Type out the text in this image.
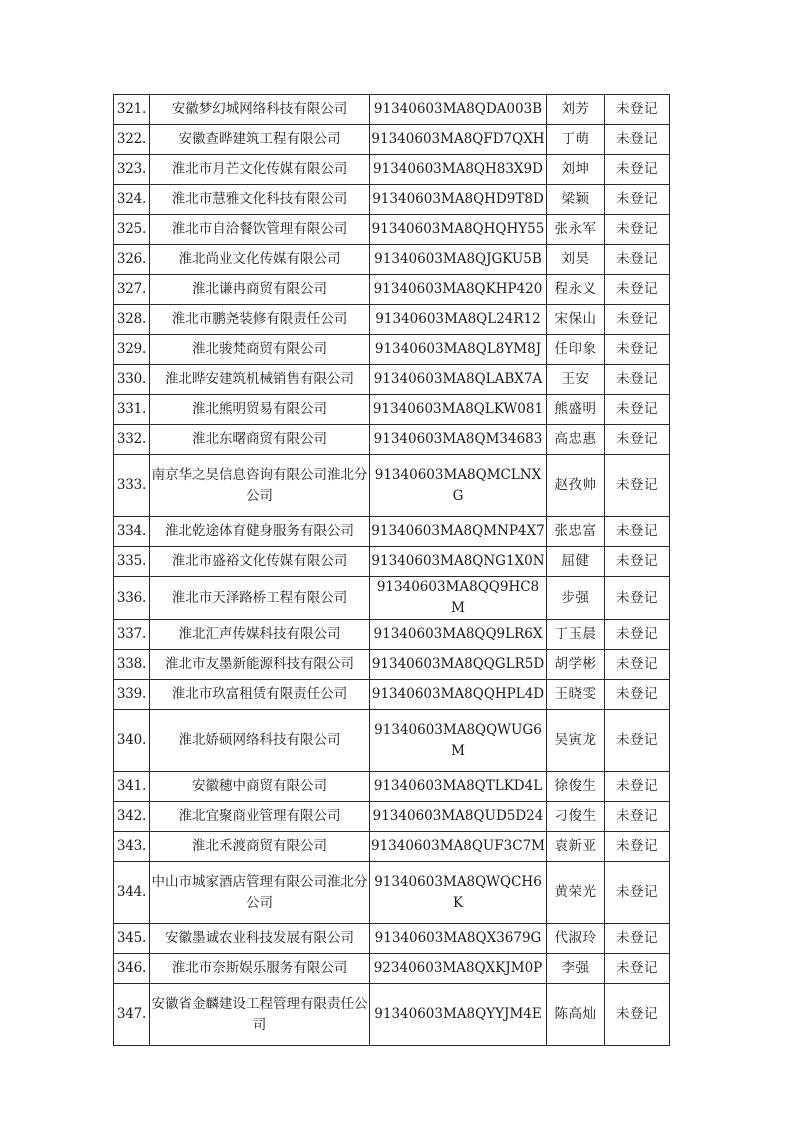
321.	安徽梦幻城网络科技有限公司	91340603MA8QDA003B	刘芳	未登记
322.	安徽查晔建筑工程有限公司	91340603MA8QFD7QXH	丁萌	未登记
323.	淮北市月芒文化传媒有限公司	91340603MA8QH83X9D	刘坤	未登记
324.	淮北市慧雅文化科技有限公司	91340603MA8QHD9T8D	梁颖	未登记
325.	淮北市自洽餐饮管理有限公司	91340603MA8QHQHY55	张永军	未登记
326.	淮北尚业文化传媒有限公司	91340603MA8QJGKU5B	刘昊	未登记
327.	淮北谦冉商贸有限公司	91340603MA8QKHP420	程永义	未登记
328.	淮北市鹏尧装修有限责任公司	91340603MA8QL24R12	宋保山	未登记
329.	淮北骏梵商贸有限公司	91340603MA8QL8YM8J	任印象	未登记
330.	淮北晔安建筑机械销售有限公司	91340603MA8QLABX7A	王安	未登记
331.	淮北熊明贸易有限公司	91340603MA8QLKW081	熊盛明	未登记
332.	淮北东曙商贸有限公司	91340603MA8QM34683	高忠惠	未登记
333.	南京华之昊信息咨询有限公司淮北分公司	91340603MA8QMCLNXG	赵孜帅	未登记
334.	淮北乾途体育健身服务有限公司	91340603MA8QMNP4X7	张忠富	未登记
335.	淮北市盛裕文化传媒有限公司	91340603MA8QNG1X0N	屈健	未登记
336.	淮北市天泽路桥工程有限公司	91340603MA8QQ9HC8M	步强	未登记
337.	淮北汇声传媒科技有限公司	91340603MA8QQ9LR6X	丁玉晨	未登记
338.	淮北市友墨新能源科技有限公司	91340603MA8QQGLR5D	胡学彬	未登记
339.	淮北市玖富租赁有限责任公司	91340603MA8QQHPL4D	王晓雯	未登记
340.	淮北娇硕网络科技有限公司	91340603MA8QQWUG6M	吴寅龙	未登记
341.	安徽穗中商贸有限公司	91340603MA8QTLKD4L	徐俊生	未登记
342.	淮北宜聚商业管理有限公司	91340603MA8QUD5D24	刁俊生	未登记
343.	淮北禾渡商贸有限公司	91340603MA8QUF3C7M	袁新亚	未登记
344.	中山市城家酒店管理有限公司淮北分公司	91340603MA8QWQCH6K	黄荣光	未登记
345.	安徽墨诚农业科技发展有限公司	91340603MA8QX3679G	代淑玲	未登记
346.	淮北市奈斯娱乐服务有限公司	92340603MA8QXKJM0P	李强	未登记
347.	安徽省金麟建设工程管理有限责任公司	91340603MA8QYYJM4E	陈高灿	未登记
